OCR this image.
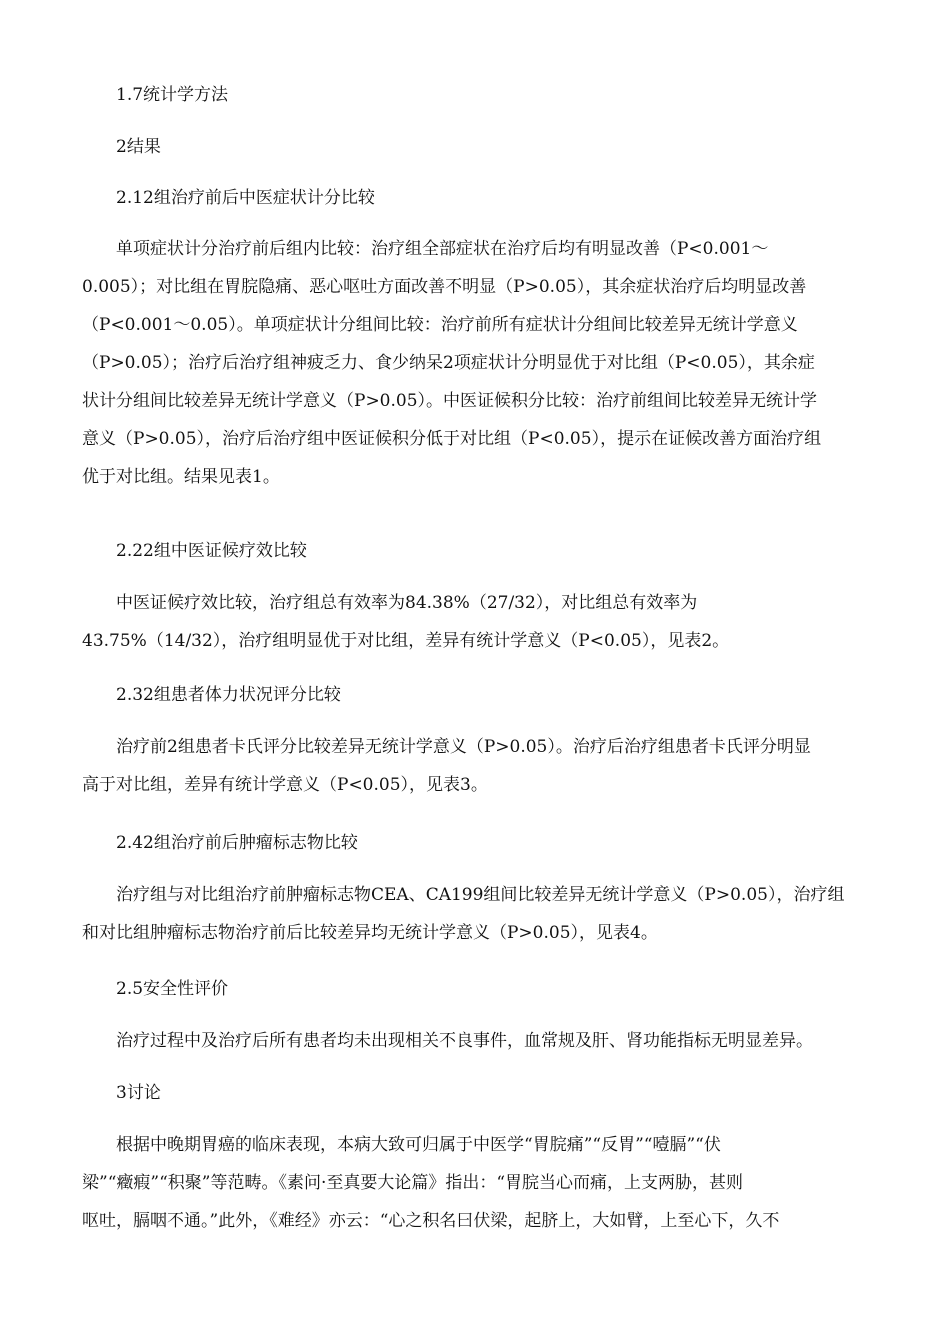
1.7统计学方法
2结果
2.12组治疗前后中医症状计分比较
单项症状计分治疗前后组内比较：治疗组全部症状在治疗后均有明显改善（P<0.001～
0.005）；对比组在胃脘隐痛、恶心呕吐方面改善不明显（P>0.05），其余症状治疗后均明显改善
（P<0.001～0.05）。单项症状计分组间比较：治疗前所有症状计分组间比较差异无统计学意义
（P>0.05）；治疗后治疗组神疲乏力、食少纳呆2项症状计分明显优于对比组（P<0.05），其余症
状计分组间比较差异无统计学意义（P>0.05）。中医证候积分比较：治疗前组间比较差异无统计学
意义（P>0.05），治疗后治疗组中医证候积分低于对比组（P<0.05），提示在证候改善方面治疗组
优于对比组。结果见表1。
2.22组中医证候疗效比较
中医证候疗效比较，治疗组总有效率为84.38%（27/32），对比组总有效率为
43.75%（14/32），治疗组明显优于对比组，差异有统计学意义（P<0.05），见表2。
2.32组患者体力状况评分比较
治疗前2组患者卡氏评分比较差异无统计学意义（P>0.05）。治疗后治疗组患者卡氏评分明显
高于对比组，差异有统计学意义（P<0.05），见表3。
2.42组治疗前后肿瘤标志物比较
治疗组与对比组治疗前肿瘤标志物CEA、CA199组间比较差异无统计学意义（P>0.05），治疗组
和对比组肿瘤标志物治疗前后比较差异均无统计学意义（P>0.05），见表4。
2.5安全性评价
治疗过程中及治疗后所有患者均未出现相关不良事件，血常规及肝、肾功能指标无明显差异。
3讨论
根据中晚期胃癌的临床表现，本病大致可归属于中医学“胃脘痛”“反胃”“噎膈”“伏
梁”“癥瘕”“积聚”等范畴。《素问·至真要大论篇》指出：“胃脘当心而痛，上支两胁，甚则
呕吐，膈咽不通。”此外，《难经》亦云：“心之积名曰伏梁，起脐上，大如臂，上至心下，久不
